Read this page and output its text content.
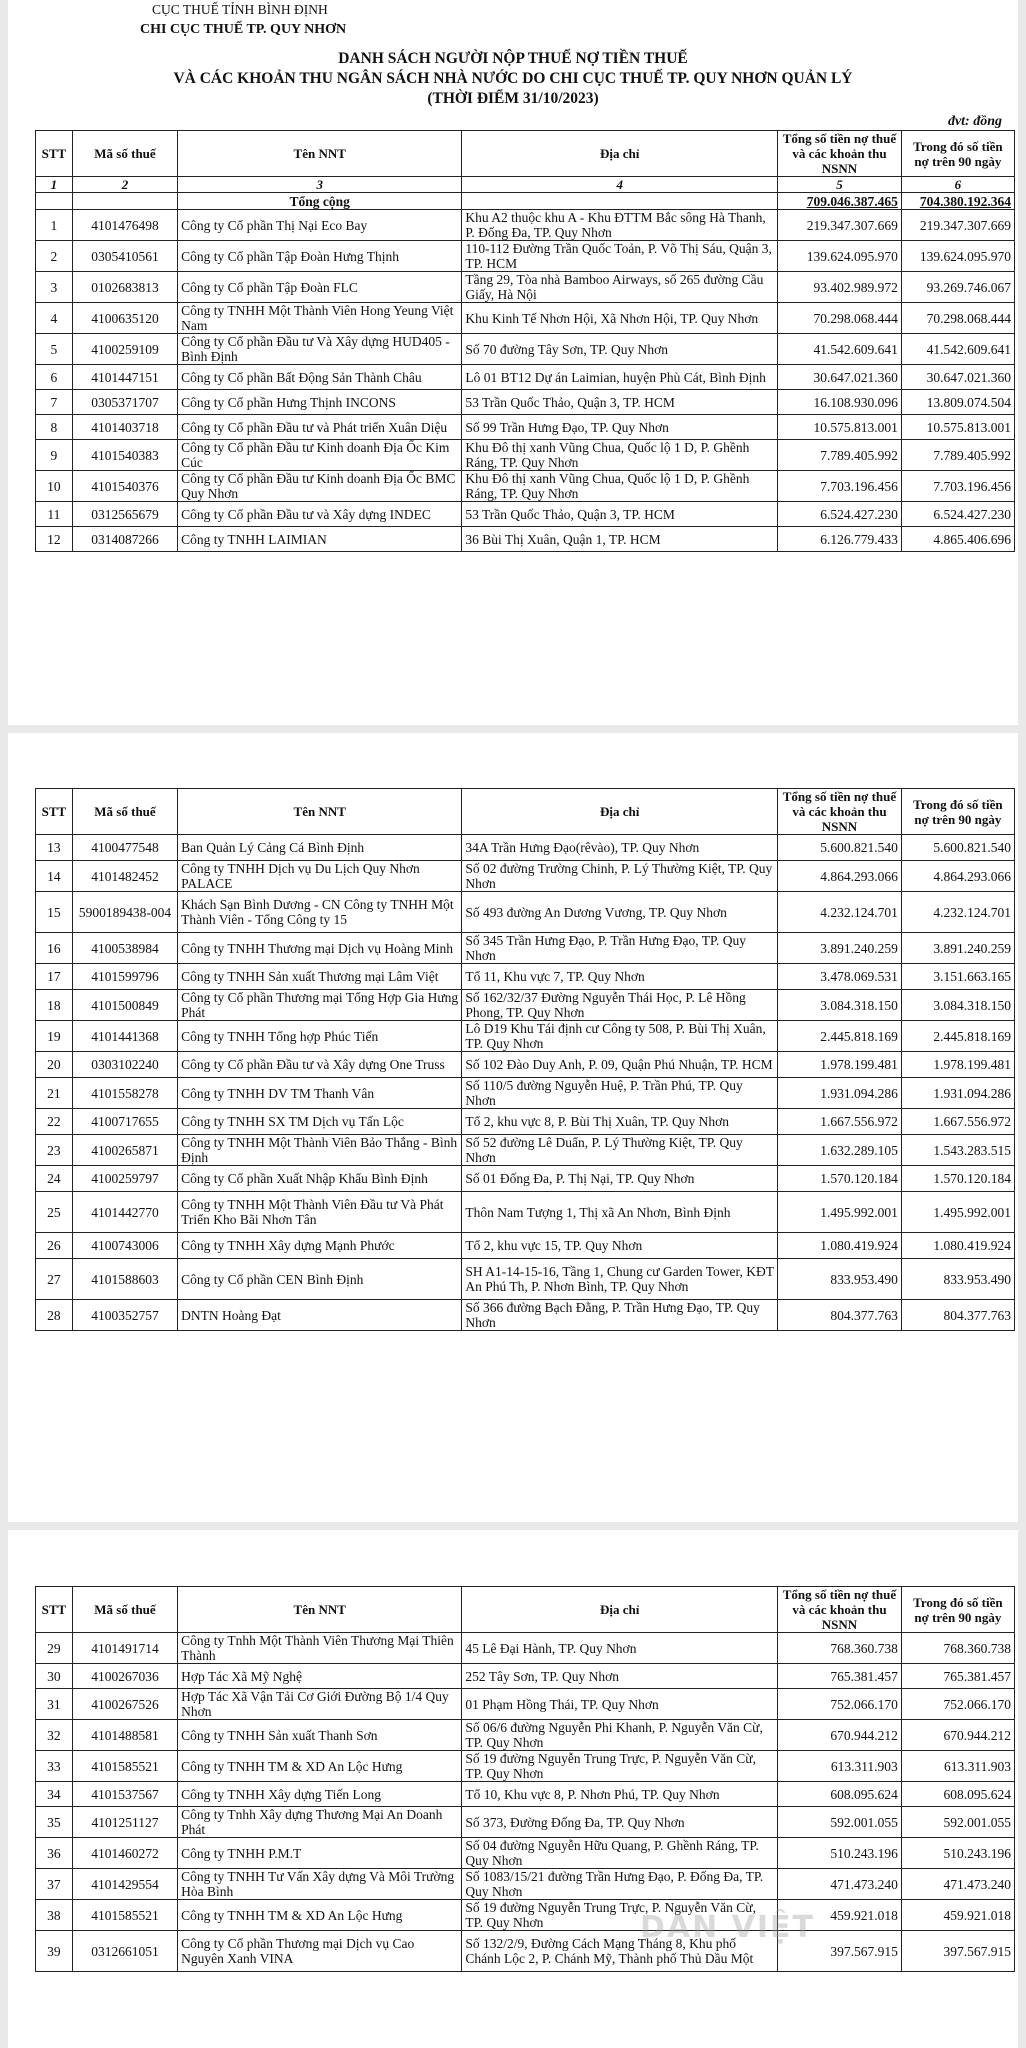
CỤC THUẾ TỈNH BÌNH ĐỊNH
CHI CỤC THUẾ TP. QUY NHƠN
DANH SÁCH NGƯỜI NỘP THUẾ NỢ TIỀN THUẾ
VÀ CÁC KHOẢN THU NGÂN SÁCH NHÀ NƯỚC DO CHI CỤC THUẾ TP. QUY NHƠN QUẢN LÝ
(THỜI ĐIỂM 31/10/2023)
đvt: đồng
STT	Mã số thuế	Tên NNT	Địa chỉ	Tổng số tiền nợ thuế và các khoản thu NSNN	Trong đó số tiền nợ trên 90 ngày
1	2	3	4	5	6
		Tổng cộng		709.046.387.465	704.380.192.364
1	4101476498	Công ty Cổ phần Thị Nại Eco Bay	Khu A2 thuộc khu A - Khu ĐTTM Bắc sông Hà Thanh, P. Đống Đa, TP. Quy Nhơn	219.347.307.669	219.347.307.669
2	0305410561	Công ty Cổ phần Tập Đoàn Hưng Thịnh	110-112 Đường Trần Quốc Toản, P. Võ Thị Sáu, Quận 3, TP. HCM	139.624.095.970	139.624.095.970
3	0102683813	Công ty Cổ phần Tập Đoàn FLC	Tầng 29, Tòa nhà Bamboo Airways, số 265 đường Cầu Giấy, Hà Nội	93.402.989.972	93.269.746.067
4	4100635120	Công ty TNHH Một Thành Viên Hong Yeung Việt Nam	Khu Kinh Tế Nhơn Hội, Xã Nhơn Hội, TP. Quy Nhơn	70.298.068.444	70.298.068.444
5	4100259109	Công ty Cổ phần Đầu tư Và Xây dựng HUD405 - Bình Định	Số 70 đường Tây Sơn, TP. Quy Nhơn	41.542.609.641	41.542.609.641
6	4101447151	Công ty Cổ phần Bất Động Sản Thành Châu	Lô 01 BT12 Dự án Laimian, huyện Phù Cát, Bình Định	30.647.021.360	30.647.021.360
7	0305371707	Công ty Cổ phần Hưng Thịnh INCONS	53 Trần Quốc Thảo, Quận 3, TP. HCM	16.108.930.096	13.809.074.504
8	4101403718	Công ty Cổ phần Đầu tư và Phát triển Xuân Diệu	Số 99 Trần Hưng Đạo, TP. Quy Nhơn	10.575.813.001	10.575.813.001
9	4101540383	Công ty Cổ phần Đầu tư Kinh doanh Địa Ốc Kim Cúc	Khu Đô thị xanh Vũng Chua, Quốc lộ 1 D, P. Ghềnh Ráng, TP. Quy Nhơn	7.789.405.992	7.789.405.992
10	4101540376	Công ty Cổ phần Đầu tư Kinh doanh Địa Ốc BMC Quy Nhơn	Khu Đô thị xanh Vũng Chua, Quốc lộ 1 D, P. Ghềnh Ráng, TP. Quy Nhơn	7.703.196.456	7.703.196.456
11	0312565679	Công ty Cổ phần Đầu tư và Xây dựng INDEC	53 Trần Quốc Thảo, Quận 3, TP. HCM	6.524.427.230	6.524.427.230
12	0314087266	Công ty TNHH LAIMIAN	36 Bùi Thị Xuân, Quận 1, TP. HCM	6.126.779.433	4.865.406.696
STT	Mã số thuế	Tên NNT	Địa chỉ	Tổng số tiền nợ thuế và các khoản thu NSNN	Trong đó số tiền nợ trên 90 ngày
13	4100477548	Ban Quản Lý Cảng Cá Bình Định	34A Trần Hưng Đạo(rêvào), TP. Quy Nhơn	5.600.821.540	5.600.821.540
14	4101482452	Công ty TNHH Dịch vụ Du Lịch Quy Nhơn PALACE	Số 02 đường Trường Chinh, P. Lý Thường Kiệt, TP. Quy Nhơn	4.864.293.066	4.864.293.066
15	5900189438-004	Khách Sạn Bình Dương - CN Công ty TNHH Một Thành Viên - Tổng Công ty 15	Số 493 đường An Dương Vương, TP. Quy Nhơn	4.232.124.701	4.232.124.701
16	4100538984	Công ty TNHH Thương mại Dịch vụ Hoàng Minh	Số 345 Trần Hưng Đạo, P. Trần Hưng Đạo, TP. Quy Nhơn	3.891.240.259	3.891.240.259
17	4101599796	Công ty TNHH Sản xuất Thương mại Lâm Việt	Tổ 11, Khu vực 7, TP. Quy Nhơn	3.478.069.531	3.151.663.165
18	4101500849	Công ty Cổ phần Thương mại Tổng Hợp Gia Hưng Phát	Số 162/32/37 Đường Nguyễn Thái Học, P. Lê Hồng Phong, TP. Quy Nhơn	3.084.318.150	3.084.318.150
19	4101441368	Công ty TNHH Tổng hợp Phúc Tiến	Lô D19 Khu Tái định cư Công ty 508, P. Bùi Thị Xuân, TP. Quy Nhơn	2.445.818.169	2.445.818.169
20	0303102240	Công ty Cổ phần Đầu tư và Xây dựng One Truss	Số 102 Đào Duy Anh, P. 09, Quận Phú Nhuận, TP. HCM	1.978.199.481	1.978.199.481
21	4101558278	Công ty TNHH DV TM Thanh Vân	Số 110/5 đường Nguyễn Huệ, P. Trần Phú, TP. Quy Nhơn	1.931.094.286	1.931.094.286
22	4100717655	Công ty TNHH SX TM Dịch vụ Tấn Lộc	Tổ 2, khu vực 8, P. Bùi Thị Xuân, TP. Quy Nhơn	1.667.556.972	1.667.556.972
23	4100265871	Công ty TNHH Một Thành Viên Bảo Thắng - Bình Định	Số 52 đường Lê Duẩn, P. Lý Thường Kiệt, TP. Quy Nhơn	1.632.289.105	1.543.283.515
24	4100259797	Công ty Cổ phần Xuất Nhập Khẩu Bình Định	Số 01 Đống Đa, P. Thị Nại, TP. Quy Nhơn	1.570.120.184	1.570.120.184
25	4101442770	Công ty TNHH Một Thành Viên Đầu tư Và Phát Triển Kho Bãi Nhơn Tân	Thôn Nam Tượng 1, Thị xã An Nhơn, Bình Định	1.495.992.001	1.495.992.001
26	4100743006	Công ty TNHH Xây dựng Mạnh Phước	Tổ 2, khu vực 15, TP. Quy Nhơn	1.080.419.924	1.080.419.924
27	4101588603	Công ty Cổ phần CEN Bình Định	SH A1-14-15-16, Tầng 1, Chung cư Garden Tower, KĐT An Phú Th, P. Nhơn Bình, TP. Quy Nhơn	833.953.490	833.953.490
28	4100352757	DNTN Hoàng Đạt	Số 366 đường Bạch Đằng, P. Trần Hưng Đạo, TP. Quy Nhơn	804.377.763	804.377.763
STT	Mã số thuế	Tên NNT	Địa chỉ	Tổng số tiền nợ thuế và các khoản thu NSNN	Trong đó số tiền nợ trên 90 ngày
29	4101491714	Công ty Tnhh Một Thành Viên Thương Mại Thiên Thành	45 Lê Đại Hành, TP. Quy Nhơn	768.360.738	768.360.738
30	4100267036	Hợp Tác Xã Mỹ Nghệ	252 Tây Sơn, TP. Quy Nhơn	765.381.457	765.381.457
31	4100267526	Hợp Tác Xã Vận Tải Cơ Giới Đường Bộ 1/4 Quy Nhơn	01 Phạm Hồng Thái, TP. Quy Nhơn	752.066.170	752.066.170
32	4101488581	Công ty TNHH Sản xuất Thanh Sơn	Số 06/6 đường Nguyễn Phi Khanh, P. Nguyễn Văn Cừ, TP. Quy Nhơn	670.944.212	670.944.212
33	4101585521	Công ty TNHH TM & XD An Lộc Hưng	Số 19 đường Nguyễn Trung Trực, P. Nguyễn Văn Cừ, TP. Quy Nhơn	613.311.903	613.311.903
34	4101537567	Công ty TNHH Xây dựng Tiến Long	Tổ 10, Khu vực 8, P. Nhơn Phú, TP. Quy Nhơn	608.095.624	608.095.624
35	4101251127	Công ty Tnhh Xây dựng Thương Mại An Doanh Phát	Số 373, Đường Đống Đa, TP. Quy Nhơn	592.001.055	592.001.055
36	4101460272	Công ty TNHH P.M.T	Số 04 đường Nguyễn Hữu Quang, P. Ghềnh Ráng, TP. Quy Nhơn	510.243.196	510.243.196
37	4101429554	Công ty TNHH Tư Vấn Xây dựng Và Môi Trường Hòa Bình	Số 1083/15/21 đường Trần Hưng Đạo, P. Đống Đa, TP. Quy Nhơn	471.473.240	471.473.240
38	4101585521	Công ty TNHH TM & XD An Lộc Hưng	Số 19 đường Nguyễn Trung Trực, P. Nguyễn Văn Cừ, TP. Quy Nhơn	459.921.018	459.921.018
39	0312661051	Công ty Cổ phần Thương mại Dịch vụ Cao Nguyên Xanh VINA	Số 132/2/9, Đường Cách Mạng Tháng 8, Khu phố Chánh Lộc 2, P. Chánh Mỹ, Thành phố Thủ Dầu Một	397.567.915	397.567.915
DÂN VIỆT
